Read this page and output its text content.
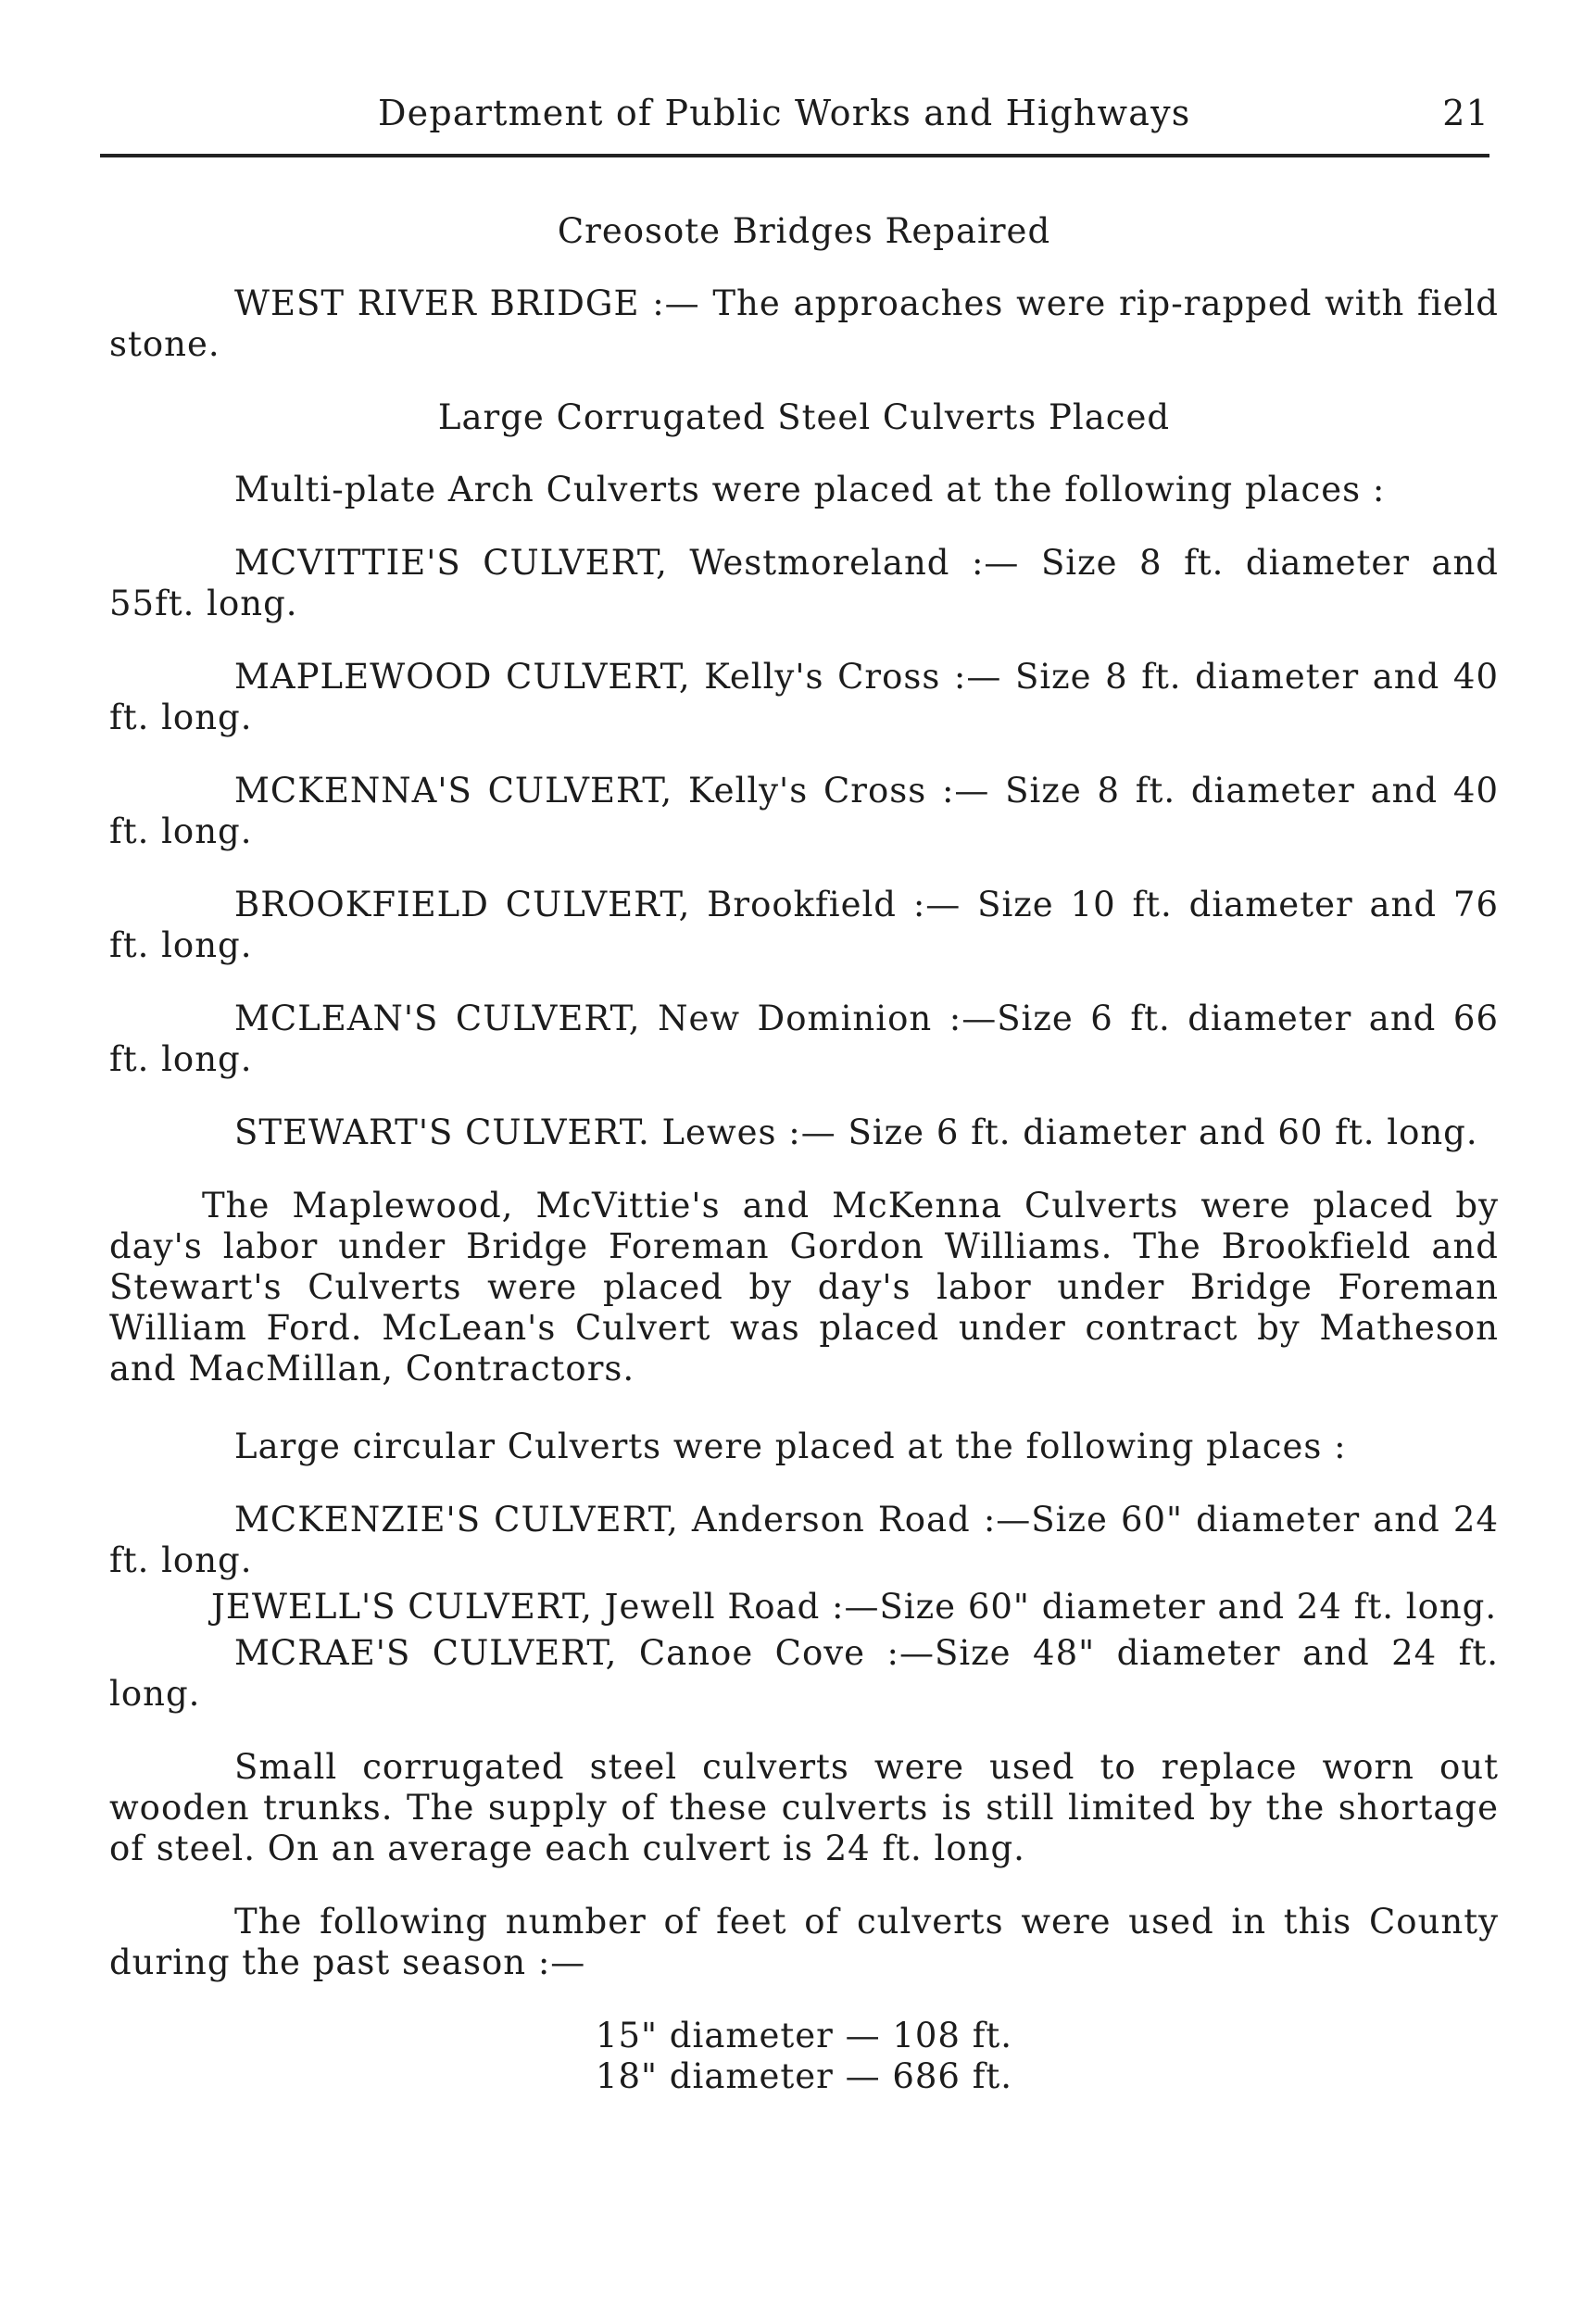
Department of Public Works and Highways	21

Creosote Bridges Repaired

WEST RIVER BRIDGE :— The approaches were rip-rapped with field stone.

Large Corrugated Steel Culverts Placed

Multi-plate Arch Culverts were placed at the following places :

MCVITTIE'S CULVERT, Westmoreland :— Size 8 ft. diameter and 55ft. long.

MAPLEWOOD CULVERT, Kelly's Cross :— Size 8 ft. diameter and 40 ft. long.

MCKENNA'S CULVERT, Kelly's Cross :— Size 8 ft. diameter and 40 ft. long.

BROOKFIELD CULVERT, Brookfield :— Size 10 ft. diameter and 76 ft. long.

MCLEAN'S CULVERT, New Dominion :—Size 6 ft. diameter and 66 ft. long.

STEWART'S CULVERT. Lewes :— Size 6 ft. diameter and 60 ft. long.

The Maplewood, McVittie's and McKenna Culverts were placed by day's labor under Bridge Foreman Gordon Williams. The Brookfield and Stewart's Culverts were placed by day's labor under Bridge Foreman William Ford. McLean's Culvert was placed under contract by Matheson and MacMillan, Contractors.

Large circular Culverts were placed at the following places :

MCKENZIE'S CULVERT, Anderson Road :—Size 60" diameter and 24 ft. long.

JEWELL'S CULVERT, Jewell Road :—Size 60" diameter and 24 ft. long.

MCRAE'S CULVERT, Canoe Cove :—Size 48" diameter and 24 ft. long.

Small corrugated steel culverts were used to replace worn out wooden trunks. The supply of these culverts is still limited by the shortage of steel. On an average each culvert is 24 ft. long.

The following number of feet of culverts were used in this County during the past season :—

15" diameter — 108 ft.
18" diameter — 686 ft.
